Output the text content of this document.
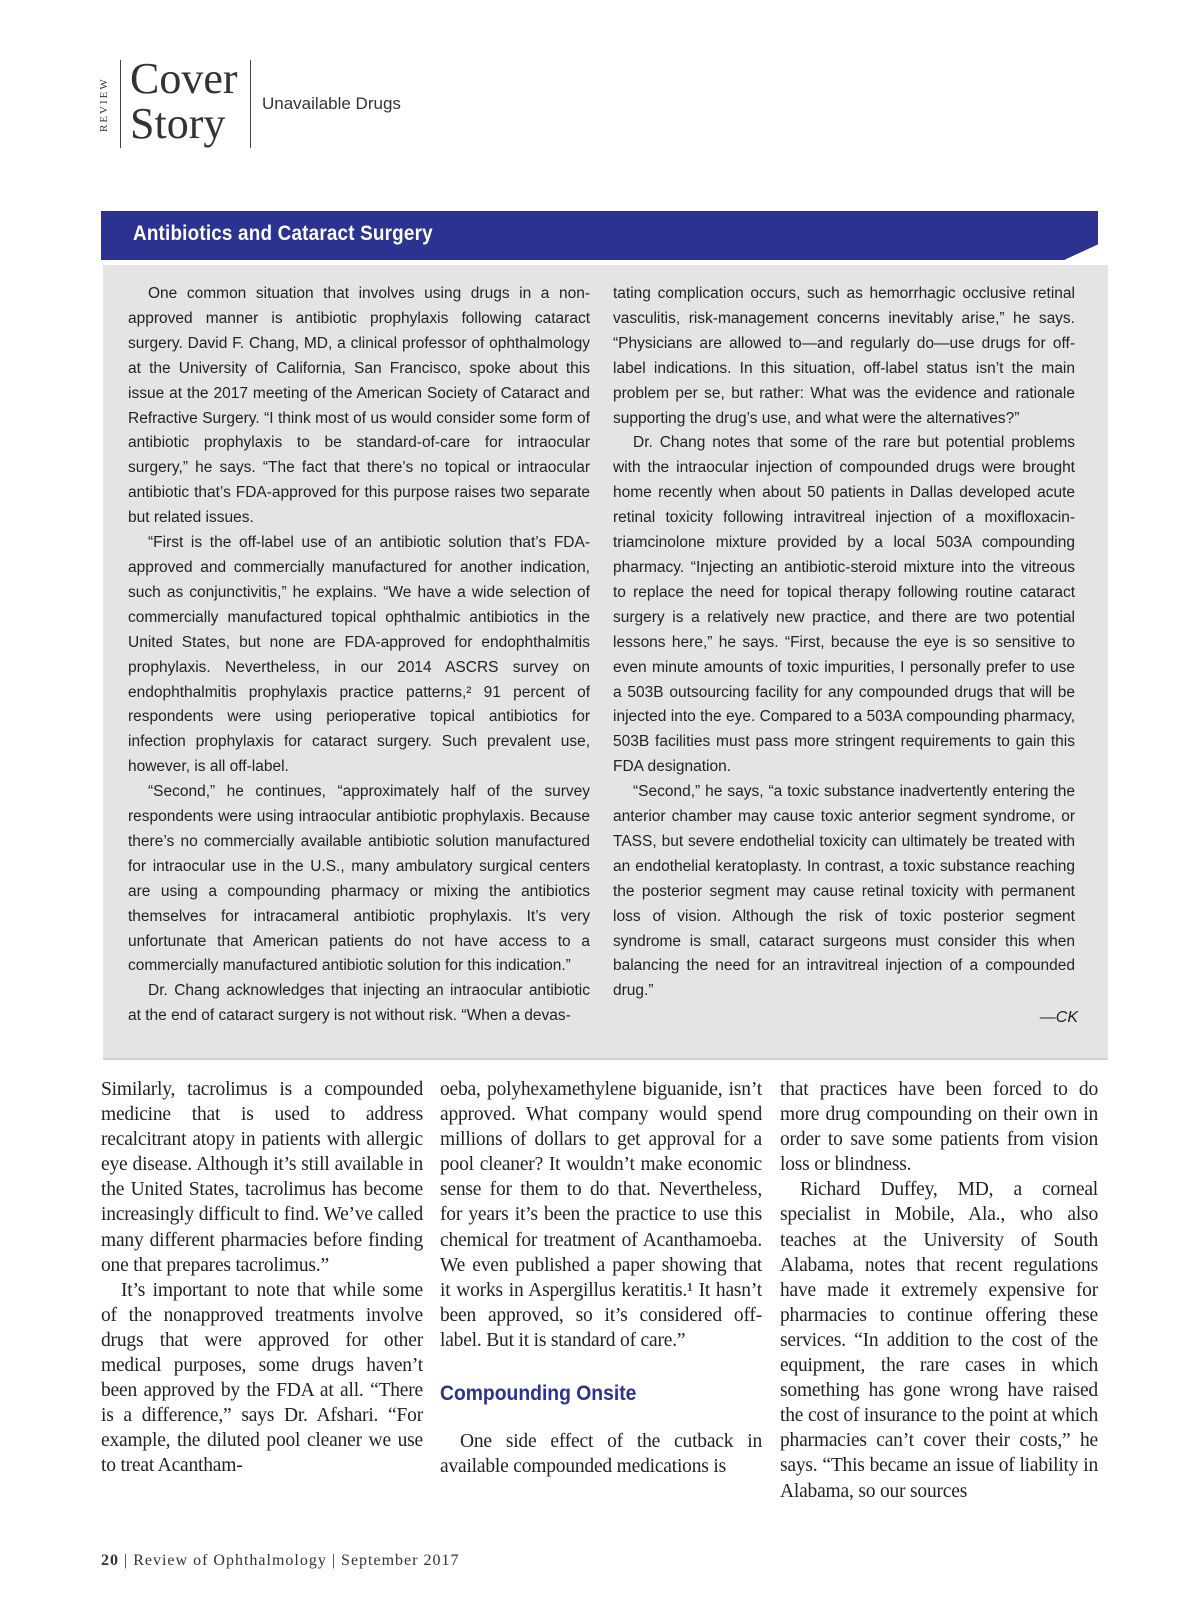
REVIEW Cover
Story	Unavailable Drugs
Antibiotics and Cataract Surgery

One common situation that involves using drugs in a non-approved manner is antibiotic prophylaxis following cataract surgery. David F. Chang, MD, a clinical professor of ophthalmology at the University of California, San Francisco, spoke about this issue at the 2017 meeting of the American Society of Cataract and Refractive Surgery. “I think most of us would consider some form of antibiotic prophylaxis to be standard-of-care for intraocular surgery,” he says. “The fact that there’s no topical or intraocular antibiotic that’s FDA-approved for this purpose raises two separate but related issues.

“First is the off-label use of an antibiotic solution that’s FDA-approved and commercially manufactured for another indication, such as conjunctivitis,” he explains. “We have a wide selection of commercially manufactured topical ophthalmic antibiotics in the United States, but none are FDA-approved for endophthalmitis prophylaxis. Nevertheless, in our 2014 ASCRS survey on endophthalmitis prophylaxis practice patterns,² 91 percent of respondents were using perioperative topical antibiotics for infection prophylaxis for cataract surgery. Such prevalent use, however, is all off-label.

“Second,” he continues, “approximately half of the survey respondents were using intraocular antibiotic prophylaxis. Because there’s no commercially available antibiotic solution manufactured for intraocular use in the U.S., many ambulatory surgical centers are using a compounding pharmacy or mixing the antibiotics themselves for intracameral antibiotic prophylaxis. It’s very unfortunate that American patients do not have access to a commercially manufactured antibiotic solution for this indication.”

Dr. Chang acknowledges that injecting an intraocular antibiotic at the end of cataract surgery is not without risk. “When a devas-

tating complication occurs, such as hemorrhagic occlusive retinal vasculitis, risk-management concerns inevitably arise,” he says. “Physicians are allowed to—and regularly do—use drugs for off-label indications. In this situation, off-label status isn’t the main problem per se, but rather: What was the evidence and rationale supporting the drug’s use, and what were the alternatives?”

Dr. Chang notes that some of the rare but potential problems with the intraocular injection of compounded drugs were brought home recently when about 50 patients in Dallas developed acute retinal toxicity following intravitreal injection of a moxifloxacin-triamcinolone mixture provided by a local 503A compounding pharmacy. “Injecting an antibiotic-steroid mixture into the vitreous to replace the need for topical therapy following routine cataract surgery is a relatively new practice, and there are two potential lessons here,” he says. “First, because the eye is so sensitive to even minute amounts of toxic impurities, I personally prefer to use a 503B outsourcing facility for any compounded drugs that will be injected into the eye. Compared to a 503A compounding pharmacy, 503B facilities must pass more stringent requirements to gain this FDA designation.

“Second,” he says, “a toxic substance inadvertently entering the anterior chamber may cause toxic anterior segment syndrome, or TASS, but severe endothelial toxicity can ultimately be treated with an endothelial keratoplasty. In contrast, a toxic substance reaching the posterior segment may cause retinal toxicity with permanent loss of vision. Although the risk of toxic posterior segment syndrome is small, cataract surgeons must consider this when balancing the need for an intravitreal injection of a compounded drug.”

—CK

Similarly, tacrolimus is a compounded medicine that is used to address recalcitrant atopy in patients with allergic eye disease. Although it’s still available in the United States, tacrolimus has become increasingly difficult to find. We’ve called many different pharmacies before finding one that prepares tacrolimus.”

It’s important to note that while some of the nonapproved treatments involve drugs that were approved for other medical purposes, some drugs haven’t been approved by the FDA at all. “There is a difference,” says Dr. Afshari. “For example, the diluted pool cleaner we use to treat Acantham-

oeba, polyhexamethylene biguanide, isn’t approved. What company would spend millions of dollars to get approval for a pool cleaner? It wouldn’t make economic sense for them to do that. Nevertheless, for years it’s been the practice to use this chemical for treatment of Acanthamoeba. We even published a paper showing that it works in Aspergillus keratitis.¹ It hasn’t been approved, so it’s considered off-label. But it is standard of care.”

Compounding Onsite

One side effect of the cutback in available compounded medications is

that practices have been forced to do more drug compounding on their own in order to save some patients from vision loss or blindness.

Richard Duffey, MD, a corneal specialist in Mobile, Ala., who also teaches at the University of South Alabama, notes that recent regulations have made it extremely expensive for pharmacies to continue offering these services. “In addition to the cost of the equipment, the rare cases in which something has gone wrong have raised the cost of insurance to the point at which pharmacies can’t cover their costs,” he says. “This became an issue of liability in Alabama, so our sources

20 | Review of Ophthalmology | September 2017
